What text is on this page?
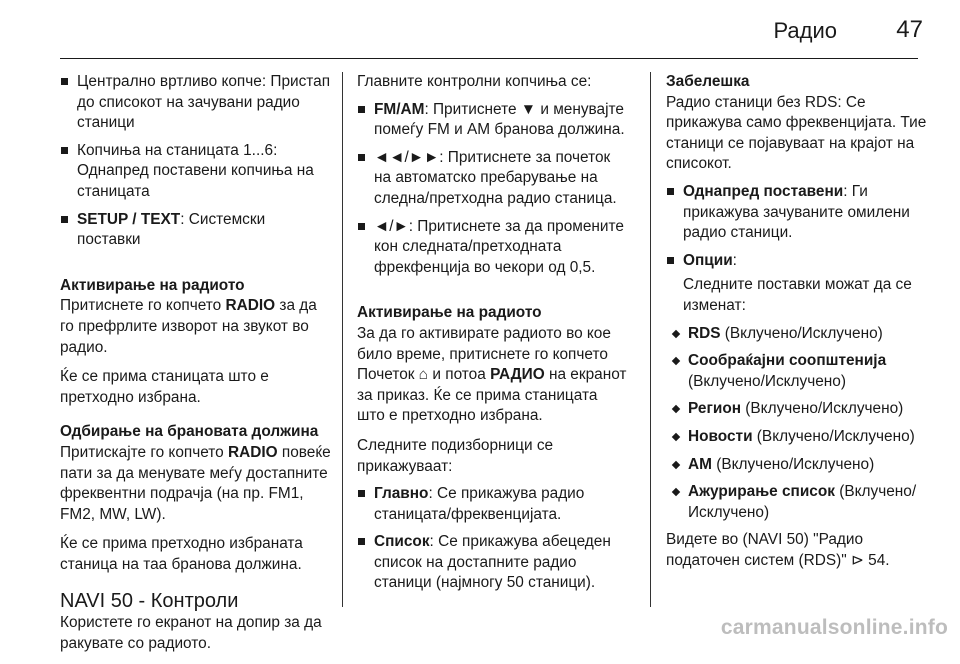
Радио 47
Централно вртливо копче: Пристап до списокот на зачувани радио станици
Копчиња на станицата 1...6: Однапред поставени копчиња на станицата
SETUP / TEXT: Системски поставки

Активирање на радиото

Притиснете го копчето RADIO за да го префрлите изворот на звукот во радио.

Ќе се прима станицата што е претходно избрана.

Одбирање на брановата должина

Притискајте го копчето RADIO повеќе пати за да менувате меѓу достапните фреквентни подрачја (на пр. FM1, FM2, MW, LW).

Ќе се прима претходно избраната станица на таа бранова должина.

NAVI 50 - Контроли

Користете го екранот на допир за да ракувате со радиото.

Главните контролни копчиња се:

FM/AM: Притиснете ▼ и менувајте помеѓу FM и AM бранова должина.
◄◄/►►: Притиснете за почеток на автоматско пребарување на следна/претходна радио станица.
◄/►: Притиснете за да промените кон следната/претходната фрекфенција во чекори од 0,5.

Активирање на радиото

За да го активирате радиото во кое било време, притиснете го копчето Почеток ⌂ и потоа РАДИО на екранот за приказ. Ќе се прима станицата што е претходно избрана.

Следните подизборници се прикажуваат:

Главно: Се прикажува радио станицата/фреквенцијата.
Список: Се прикажува абецеден список на достапните радио станици (најмногу 50 станици).

Забелешка

Радио станици без RDS: Се прикажува само фреквенцијата. Тие станици се појавуваат на крајот на списокот.

Однапред поставени: Ги прикажува зачуваните омилени радио станици.
Опции:
Следните поставки можат да се изменат:
RDS (Вклучено/Исклучено)
Сообраќајни соопштенија (Вклучено/Исклучено)
Регион (Вклучено/Исклучено)
Новости (Вклучено/Исклучено)
AM (Вклучено/Исклучено)
Ажурирање список (Вклучено/Исклучено)

Видете во (NAVI 50) "Радио податочен систем (RDS)" ⊳ 54.

carmanualsonline.info
